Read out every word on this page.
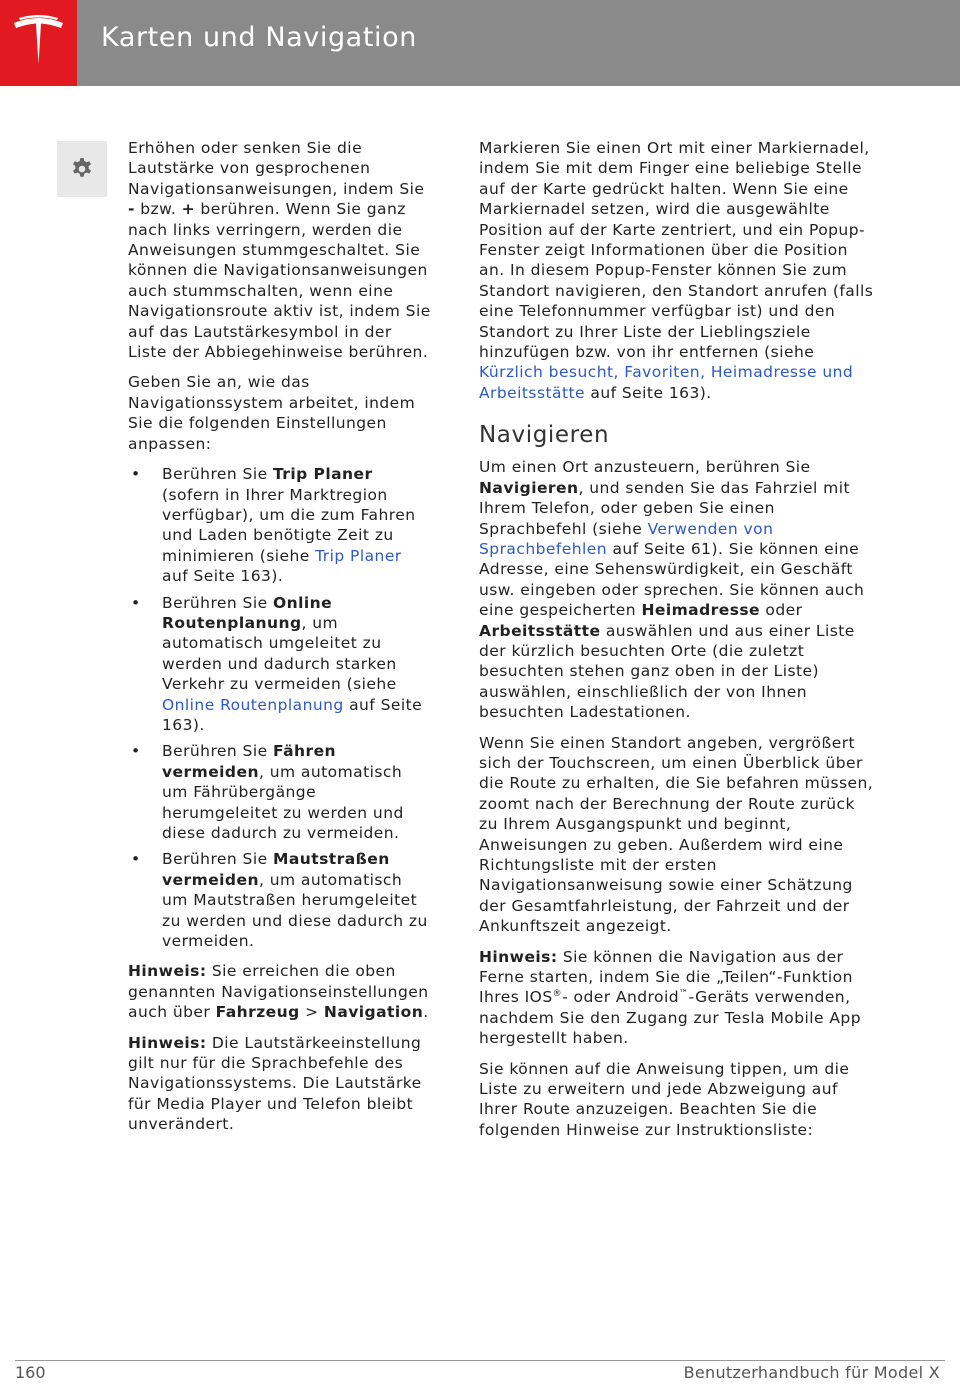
Karten und Navigation

Erhöhen oder senken Sie die Lautstärke von gesprochenen Navigationsanweisungen, indem Sie - bzw. + berühren. Wenn Sie ganz nach links verringern, werden die Anweisungen stummgeschaltet. Sie können die Navigationsanweisungen auch stummschalten, wenn eine Navigationsroute aktiv ist, indem Sie auf das Lautstärkesymbol in der Liste der Abbiegehinweise berühren.

Geben Sie an, wie das Navigationssystem arbeitet, indem Sie die folgenden Einstellungen anpassen:

• Berühren Sie Trip Planer (sofern in Ihrer Marktregion verfügbar), um die zum Fahren und Laden benötigte Zeit zu minimieren (siehe Trip Planer auf Seite 163).
• Berühren Sie Online Routenplanung, um automatisch umgeleitet zu werden und dadurch starken Verkehr zu vermeiden (siehe Online Routenplanung auf Seite 163).
• Berühren Sie Fähren vermeiden, um automatisch um Fährübergänge herumgeleitet zu werden und diese dadurch zu vermeiden.
• Berühren Sie Mautstraßen vermeiden, um automatisch um Mautstraßen herumgeleitet zu werden und diese dadurch zu vermeiden.

Hinweis: Sie erreichen die oben genannten Navigationseinstellungen auch über Fahrzeug > Navigation.

Hinweis: Die Lautstärkeeinstellung gilt nur für die Sprachbefehle des Navigationssystems. Die Lautstärke für Media Player und Telefon bleibt unverändert.

Markieren Sie einen Ort mit einer Markiernadel, indem Sie mit dem Finger eine beliebige Stelle auf der Karte gedrückt halten. Wenn Sie eine Markiernadel setzen, wird die ausgewählte Position auf der Karte zentriert, und ein Popup-Fenster zeigt Informationen über die Position an. In diesem Popup-Fenster können Sie zum Standort navigieren, den Standort anrufen (falls eine Telefonnummer verfügbar ist) und den Standort zu Ihrer Liste der Lieblingsziele hinzufügen bzw. von ihr entfernen (siehe Kürzlich besucht, Favoriten, Heimadresse und Arbeitsstätte auf Seite 163).

Navigieren

Um einen Ort anzusteuern, berühren Sie Navigieren, und senden Sie das Fahrziel mit Ihrem Telefon, oder geben Sie einen Sprachbefehl (siehe Verwenden von Sprachbefehlen auf Seite 61). Sie können eine Adresse, eine Sehenswürdigkeit, ein Geschäft usw. eingeben oder sprechen. Sie können auch eine gespeicherten Heimadresse oder Arbeitsstätte auswählen und aus einer Liste der kürzlich besuchten Orte (die zuletzt besuchten stehen ganz oben in der Liste) auswählen, einschließlich der von Ihnen besuchten Ladestationen.

Wenn Sie einen Standort angeben, vergrößert sich der Touchscreen, um einen Überblick über die Route zu erhalten, die Sie befahren müssen, zoomt nach der Berechnung der Route zurück zu Ihrem Ausgangspunkt und beginnt, Anweisungen zu geben. Außerdem wird eine Richtungsliste mit der ersten Navigationsanweisung sowie einer Schätzung der Gesamtfahrleistung, der Fahrzeit und der Ankunftszeit angezeigt.

Hinweis: Sie können die Navigation aus der Ferne starten, indem Sie die „Teilen“-Funktion Ihres IOS®- oder Android™-Geräts verwenden, nachdem Sie den Zugang zur Tesla Mobile App hergestellt haben.

Sie können auf die Anweisung tippen, um die Liste zu erweitern und jede Abzweigung auf Ihrer Route anzuzeigen. Beachten Sie die folgenden Hinweise zur Instruktionsliste:

160	Benutzerhandbuch für Model X
